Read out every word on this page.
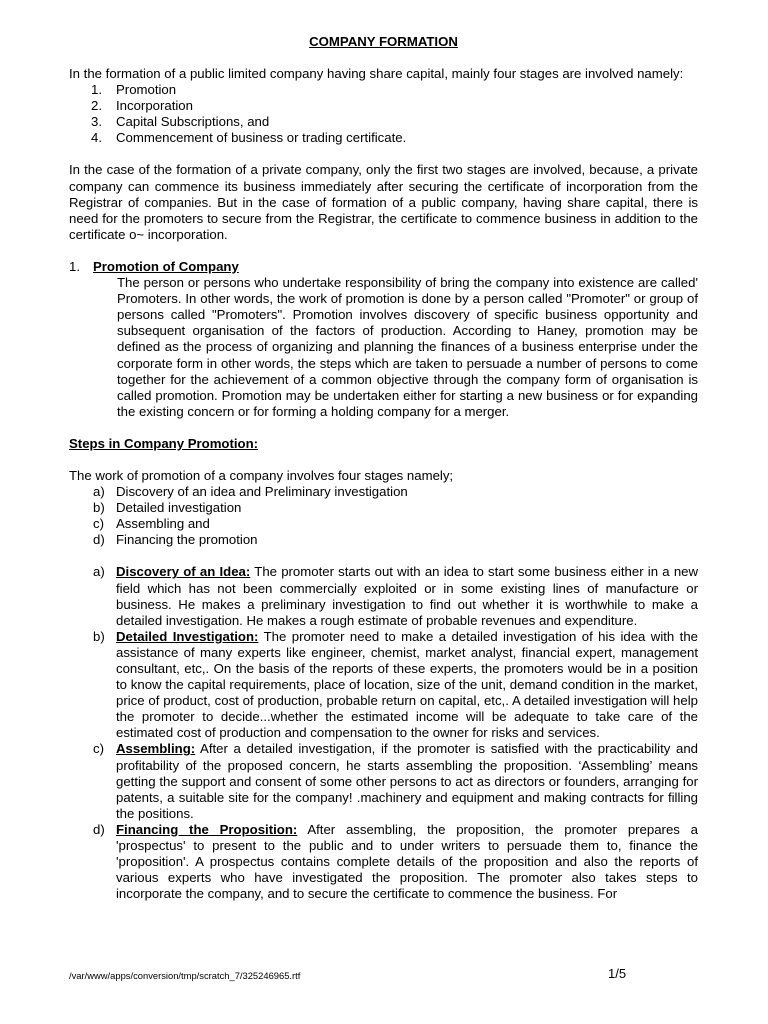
COMPANY FORMATION

In the formation of a public limited company having share capital, mainly four stages are involved namely:

1. Promotion
2. Incorporation
3. Capital Subscriptions, and
4. Commencement of business or trading certificate.

In the case of the formation of a private company, only the first two stages are involved, because, a private company can commence its business immediately after securing the certificate of incorporation from the Registrar of companies. But in the case of formation of a public company, having share capital, there is need for the promoters to secure from the Registrar, the certificate to commence business in addition to the certificate o~ incorporation.

1. Promotion of Company

The person or persons who undertake responsibility of bring the company into existence are called' Promoters. In other words, the work of promotion is done by a person called "Promoter" or group of persons called "Promoters". Promotion involves discovery of specific business opportunity and subsequent organisation of the factors of production. According to Haney, promotion may be defined as the process of organizing and planning the finances of a business enterprise under the corporate form in other words, the steps which are taken to persuade a number of persons to come together for the achievement of a common objective through the company form of organisation is called promotion. Promotion may be undertaken either for starting a new business or for expanding the existing concern or for forming a holding company for a merger.

Steps in Company Promotion:

The work of promotion of a company involves four stages namely;

a) Discovery of an idea and Preliminary investigation
b) Detailed investigation
c) Assembling and
d) Financing the promotion
a) Discovery of an Idea: The promoter starts out with an idea to start some business either in a new field which has not been commercially exploited or in some existing lines of manufacture or business. He makes a preliminary investigation to find out whether it is worthwhile to make a detailed investigation. He makes a rough estimate of probable revenues and expenditure.
b) Detailed Investigation: The promoter need to make a detailed investigation of his idea with the assistance of many experts like engineer, chemist, market analyst, financial expert, management consultant, etc,. On the basis of the reports of these experts, the promoters would be in a position to know the capital requirements, place of location, size of the unit, demand condition in the market, price of product, cost of production, probable return on capital, etc,. A detailed investigation will help the promoter to decide...whether the estimated income will be adequate to take care of the estimated cost of production and compensation to the owner for risks and services.
c) Assembling: After a detailed investigation, if the promoter is satisfied with the practicability and profitability of the proposed concern, he starts assembling the proposition. ‘Assembling’ means getting the support and consent of some other persons to act as directors or founders, arranging for patents, a suitable site for the company! .machinery and equipment and making contracts for filling the positions.
d) Financing the Proposition: After assembling, the proposition, the promoter prepares a 'prospectus' to present to the public and to under writers to persuade them to, finance the 'proposition'. A prospectus contains complete details of the proposition and also the reports of various experts who have investigated the proposition. The promoter also takes steps to incorporate the company, and to secure the certificate to commence the business. For
/var/www/apps/conversion/tmp/scratch_7/325246965.rtf	1/5
